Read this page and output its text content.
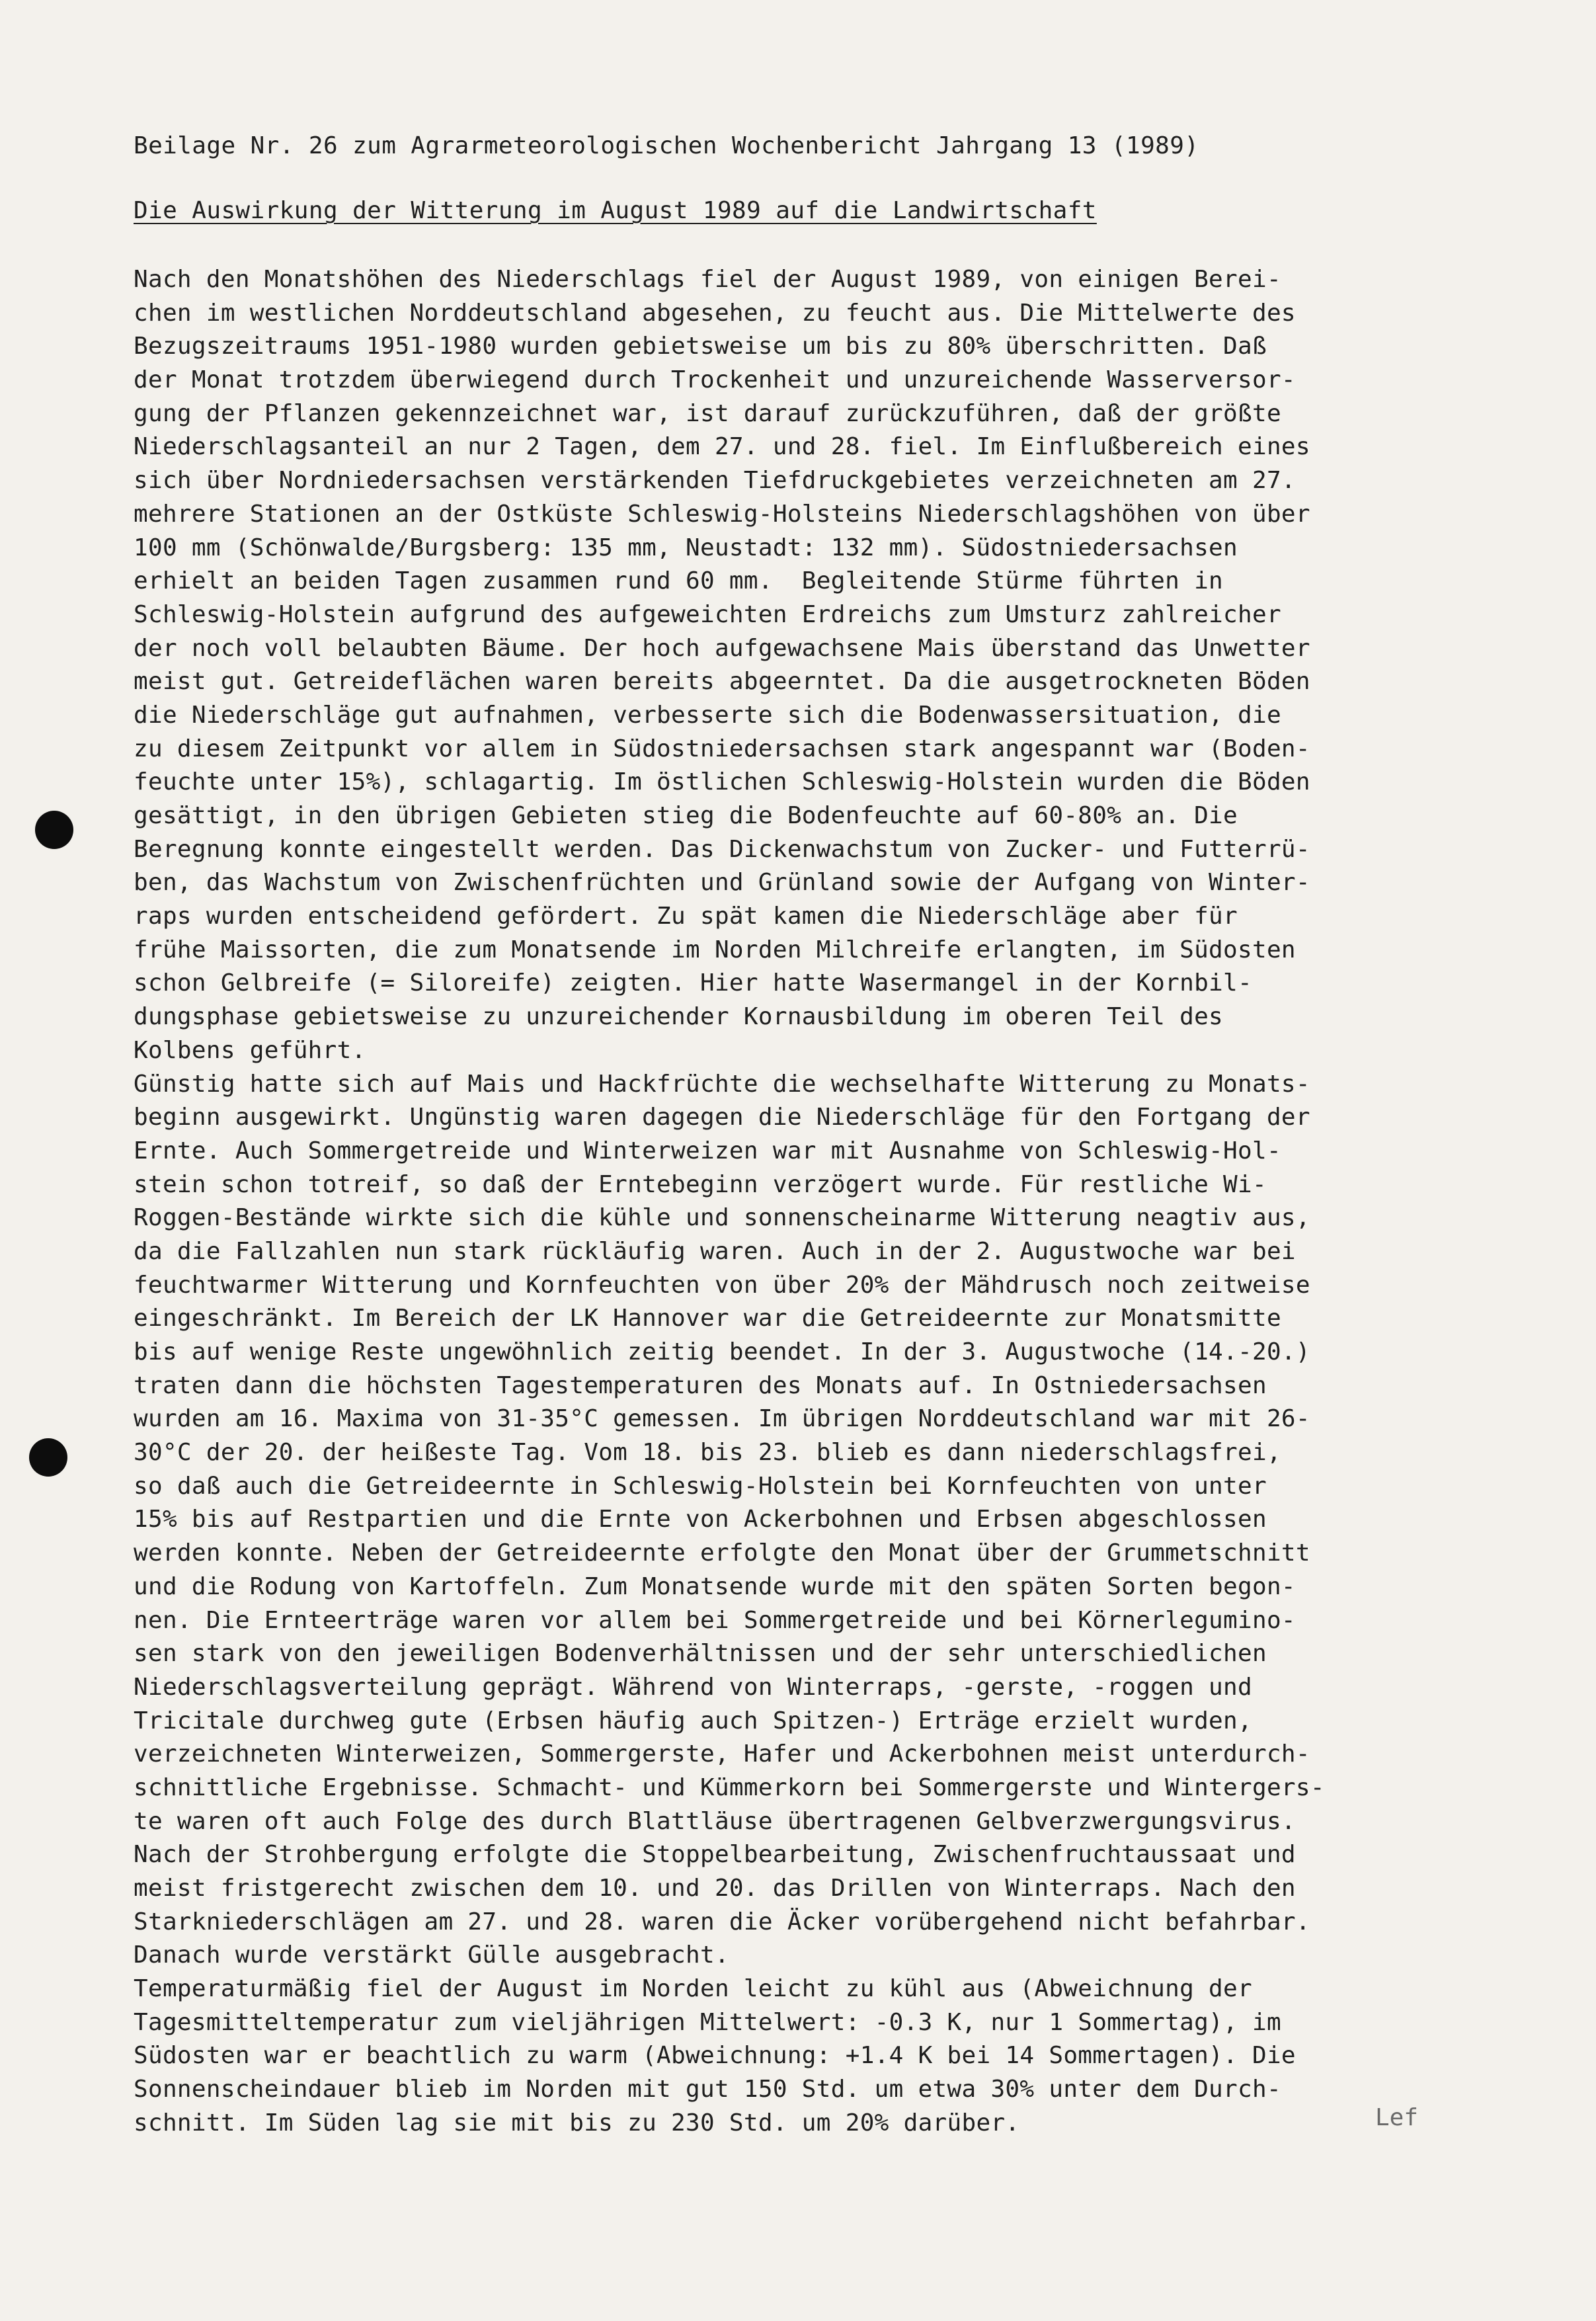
Beilage Nr. 26 zum Agrarmeteorologischen Wochenbericht Jahrgang 13 (1989)

Die Auswirkung der Witterung im August 1989 auf die Landwirtschaft
Nach den Monatshöhen des Niederschlags fiel der August 1989, von einigen Berei-
chen im westlichen Norddeutschland abgesehen, zu feucht aus. Die Mittelwerte des
Bezugszeitraums 1951-1980 wurden gebietsweise um bis zu 80% überschritten. Daß
der Monat trotzdem überwiegend durch Trockenheit und unzureichende Wasserversor-
gung der Pflanzen gekennzeichnet war, ist darauf zurückzuführen, daß der größte
Niederschlagsanteil an nur 2 Tagen, dem 27. und 28. fiel. Im Einflußbereich eines
sich über Nordniedersachsen verstärkenden Tiefdruckgebietes verzeichneten am 27.
mehrere Stationen an der Ostküste Schleswig-Holsteins Niederschlagshöhen von über
100 mm (Schönwalde/Burgsberg: 135 mm, Neustadt: 132 mm). Südostniedersachsen
erhielt an beiden Tagen zusammen rund 60 mm.  Begleitende Stürme führten in
Schleswig-Holstein aufgrund des aufgeweichten Erdreichs zum Umsturz zahlreicher
der noch voll belaubten Bäume. Der hoch aufgewachsene Mais überstand das Unwetter
meist gut. Getreideflächen waren bereits abgeerntet. Da die ausgetrockneten Böden
die Niederschläge gut aufnahmen, verbesserte sich die Bodenwassersituation, die
zu diesem Zeitpunkt vor allem in Südostniedersachsen stark angespannt war (Boden-
feuchte unter 15%), schlagartig. Im östlichen Schleswig-Holstein wurden die Böden
gesättigt, in den übrigen Gebieten stieg die Bodenfeuchte auf 60-80% an. Die
Beregnung konnte eingestellt werden. Das Dickenwachstum von Zucker- und Futterrü-
ben, das Wachstum von Zwischenfrüchten und Grünland sowie der Aufgang von Winter-
raps wurden entscheidend gefördert. Zu spät kamen die Niederschläge aber für
frühe Maissorten, die zum Monatsende im Norden Milchreife erlangten, im Südosten
schon Gelbreife (= Siloreife) zeigten. Hier hatte Wasermangel in der Kornbil-
dungsphase gebietsweise zu unzureichender Kornausbildung im oberen Teil des
Kolbens geführt.
Günstig hatte sich auf Mais und Hackfrüchte die wechselhafte Witterung zu Monats-
beginn ausgewirkt. Ungünstig waren dagegen die Niederschläge für den Fortgang der
Ernte. Auch Sommergetreide und Winterweizen war mit Ausnahme von Schleswig-Hol-
stein schon totreif, so daß der Erntebeginn verzögert wurde. Für restliche Wi-
Roggen-Bestände wirkte sich die kühle und sonnenscheinarme Witterung neagtiv aus,
da die Fallzahlen nun stark rückläufig waren. Auch in der 2. Augustwoche war bei
feuchtwarmer Witterung und Kornfeuchten von über 20% der Mähdrusch noch zeitweise
eingeschränkt. Im Bereich der LK Hannover war die Getreideernte zur Monatsmitte
bis auf wenige Reste ungewöhnlich zeitig beendet. In der 3. Augustwoche (14.-20.)
traten dann die höchsten Tagestemperaturen des Monats auf. In Ostniedersachsen
wurden am 16. Maxima von 31-35°C gemessen. Im übrigen Norddeutschland war mit 26-
30°C der 20. der heißeste Tag. Vom 18. bis 23. blieb es dann niederschlagsfrei,
so daß auch die Getreideernte in Schleswig-Holstein bei Kornfeuchten von unter
15% bis auf Restpartien und die Ernte von Ackerbohnen und Erbsen abgeschlossen
werden konnte. Neben der Getreideernte erfolgte den Monat über der Grummetschnitt
und die Rodung von Kartoffeln. Zum Monatsende wurde mit den späten Sorten begon-
nen. Die Ernteerträge waren vor allem bei Sommergetreide und bei Körnerlegumino-
sen stark von den jeweiligen Bodenverhältnissen und der sehr unterschiedlichen
Niederschlagsverteilung geprägt. Während von Winterraps, -gerste, -roggen und
Tricitale durchweg gute (Erbsen häufig auch Spitzen-) Erträge erzielt wurden,
verzeichneten Winterweizen, Sommergerste, Hafer und Ackerbohnen meist unterdurch-
schnittliche Ergebnisse. Schmacht- und Kümmerkorn bei Sommergerste und Wintergers-
te waren oft auch Folge des durch Blattläuse übertragenen Gelbverzwergungsvirus.
Nach der Strohbergung erfolgte die Stoppelbearbeitung, Zwischenfruchtaussaat und
meist fristgerecht zwischen dem 10. und 20. das Drillen von Winterraps. Nach den
Starkniederschlägen am 27. und 28. waren die Äcker vorübergehend nicht befahrbar.
Danach wurde verstärkt Gülle ausgebracht.
Temperaturmäßig fiel der August im Norden leicht zu kühl aus (Abweichnung der
Tagesmitteltemperatur zum vieljährigen Mittelwert: -0.3 K, nur 1 Sommertag), im
Südosten war er beachtlich zu warm (Abweichnung: +1.4 K bei 14 Sommertagen). Die
Sonnenscheindauer blieb im Norden mit gut 150 Std. um etwa 30% unter dem Durch-
schnitt. Im Süden lag sie mit bis zu 230 Std. um 20% darüber.	Lef
